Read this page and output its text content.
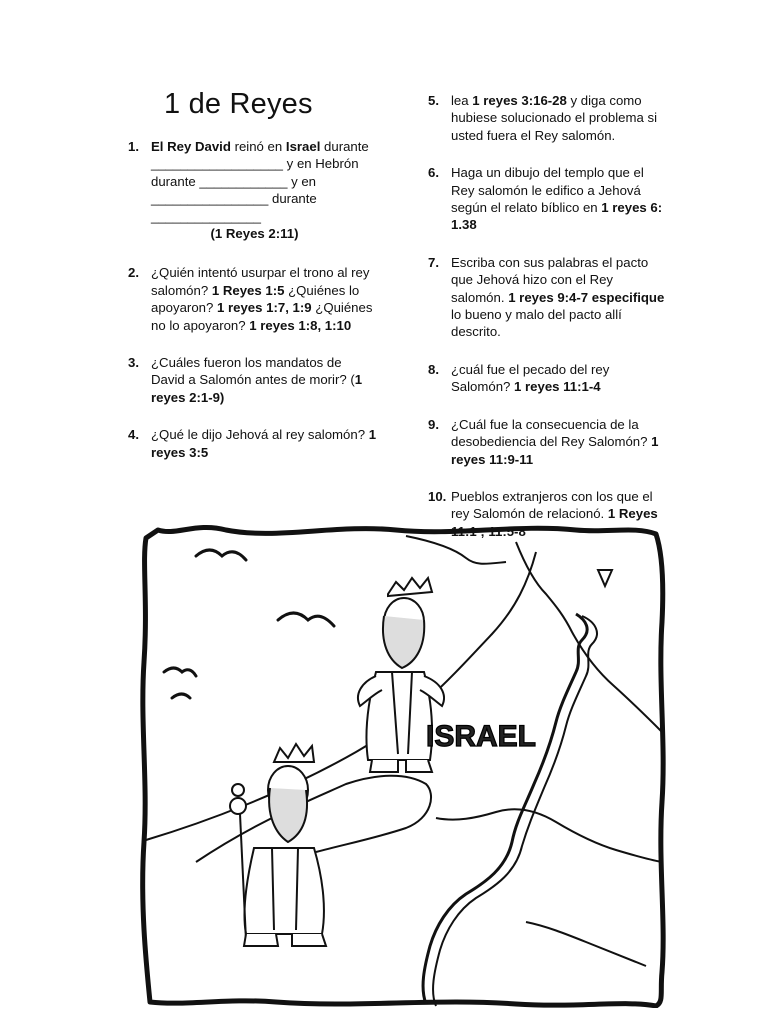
1 de Reyes
1. El Rey David reinó en Israel durante __________________ y en Hebrón durante ____________ y en ________________ durante _______________
(1 Reyes 2:11)
2. ¿Quién intentó usurpar el trono al rey salomón? 1 Reyes 1:5 ¿Quiénes lo apoyaron? 1 reyes 1:7, 1:9 ¿Quiénes no lo apoyaron? 1 reyes 1:8, 1:10
3. ¿Cuáles fueron los mandatos de David a Salomón antes de morir? (1 reyes 2:1-9)
4. ¿Qué le dijo Jehová al rey salomón? 1 reyes 3:5
5. lea 1 reyes 3:16-28 y diga como hubiese solucionado el problema si usted fuera el Rey salomón.
6. Haga un dibujo del templo que el Rey salomón le edifico a Jehová según el relato bíblico en 1 reyes 6: 1.38
7. Escriba con sus palabras el pacto que Jehová hizo con el Rey salomón. 1 reyes 9:4-7 especifique lo bueno y malo del pacto allí descrito.
8. ¿cuál fue el pecado del rey Salomón? 1 reyes 11:1-4
9. ¿Cuál fue la consecuencia de la desobediencia del Rey Salomón? 1 reyes 11:9-11
10. Pueblos extranjeros con los que el rey Salomón de relacionó. 1 Reyes 11:1 ; 11:5-8
ISRAEL
